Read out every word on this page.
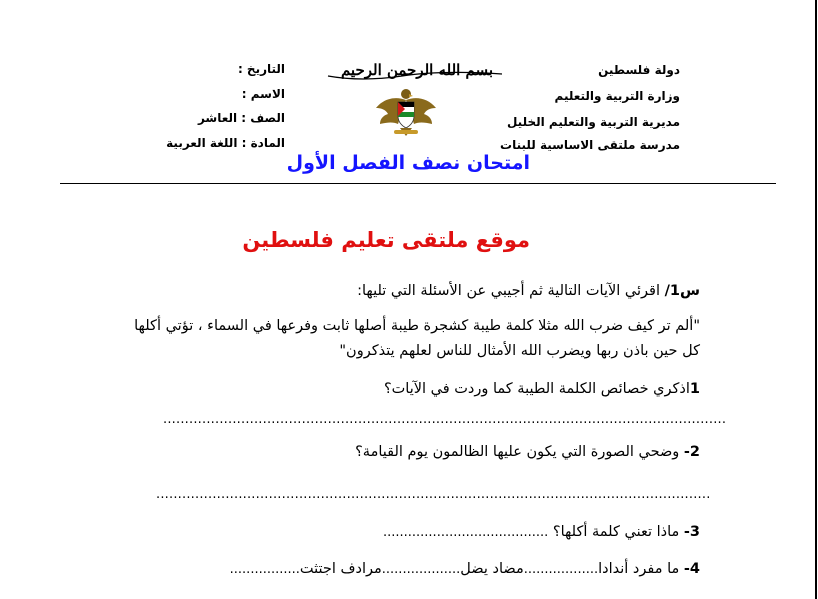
دولة فلسطين
وزارة التربية والتعليم
مديرية التربية والتعليم الخليل
مدرسة ملتقى الاساسية للبنات
التاريخ :
الاسم :
الصف : العاشر
المادة : اللغة العربية
بسم الله الرحمن الرحيم
امتحان نصف الفصل الأول
موقع ملتقى تعليم فلسطين
س1/ اقرئي الآيات التالية ثم أجيبي عن الأسئلة التي تليها:
"ألم تر كيف ضرب الله مثلا كلمة طيبة كشجرة طيبة أصلها ثابت وفرعها في السماء ، تؤتي أكلها
كل حين باذن ربها ويضرب الله الأمثال للناس لعلهم يتذكرون"
1اذكري خصائص الكلمة الطيبة كما وردت في الآيات؟
..................................................................................................................................
2- وضحي الصورة التي يكون عليها الظالمون يوم القيامة؟
................................................................................................................................
3- ماذا تعني كلمة أكلها؟ ........................................
4- ما مفرد أندادا..................مضاد يضل...................مرادف اجتثت.................
